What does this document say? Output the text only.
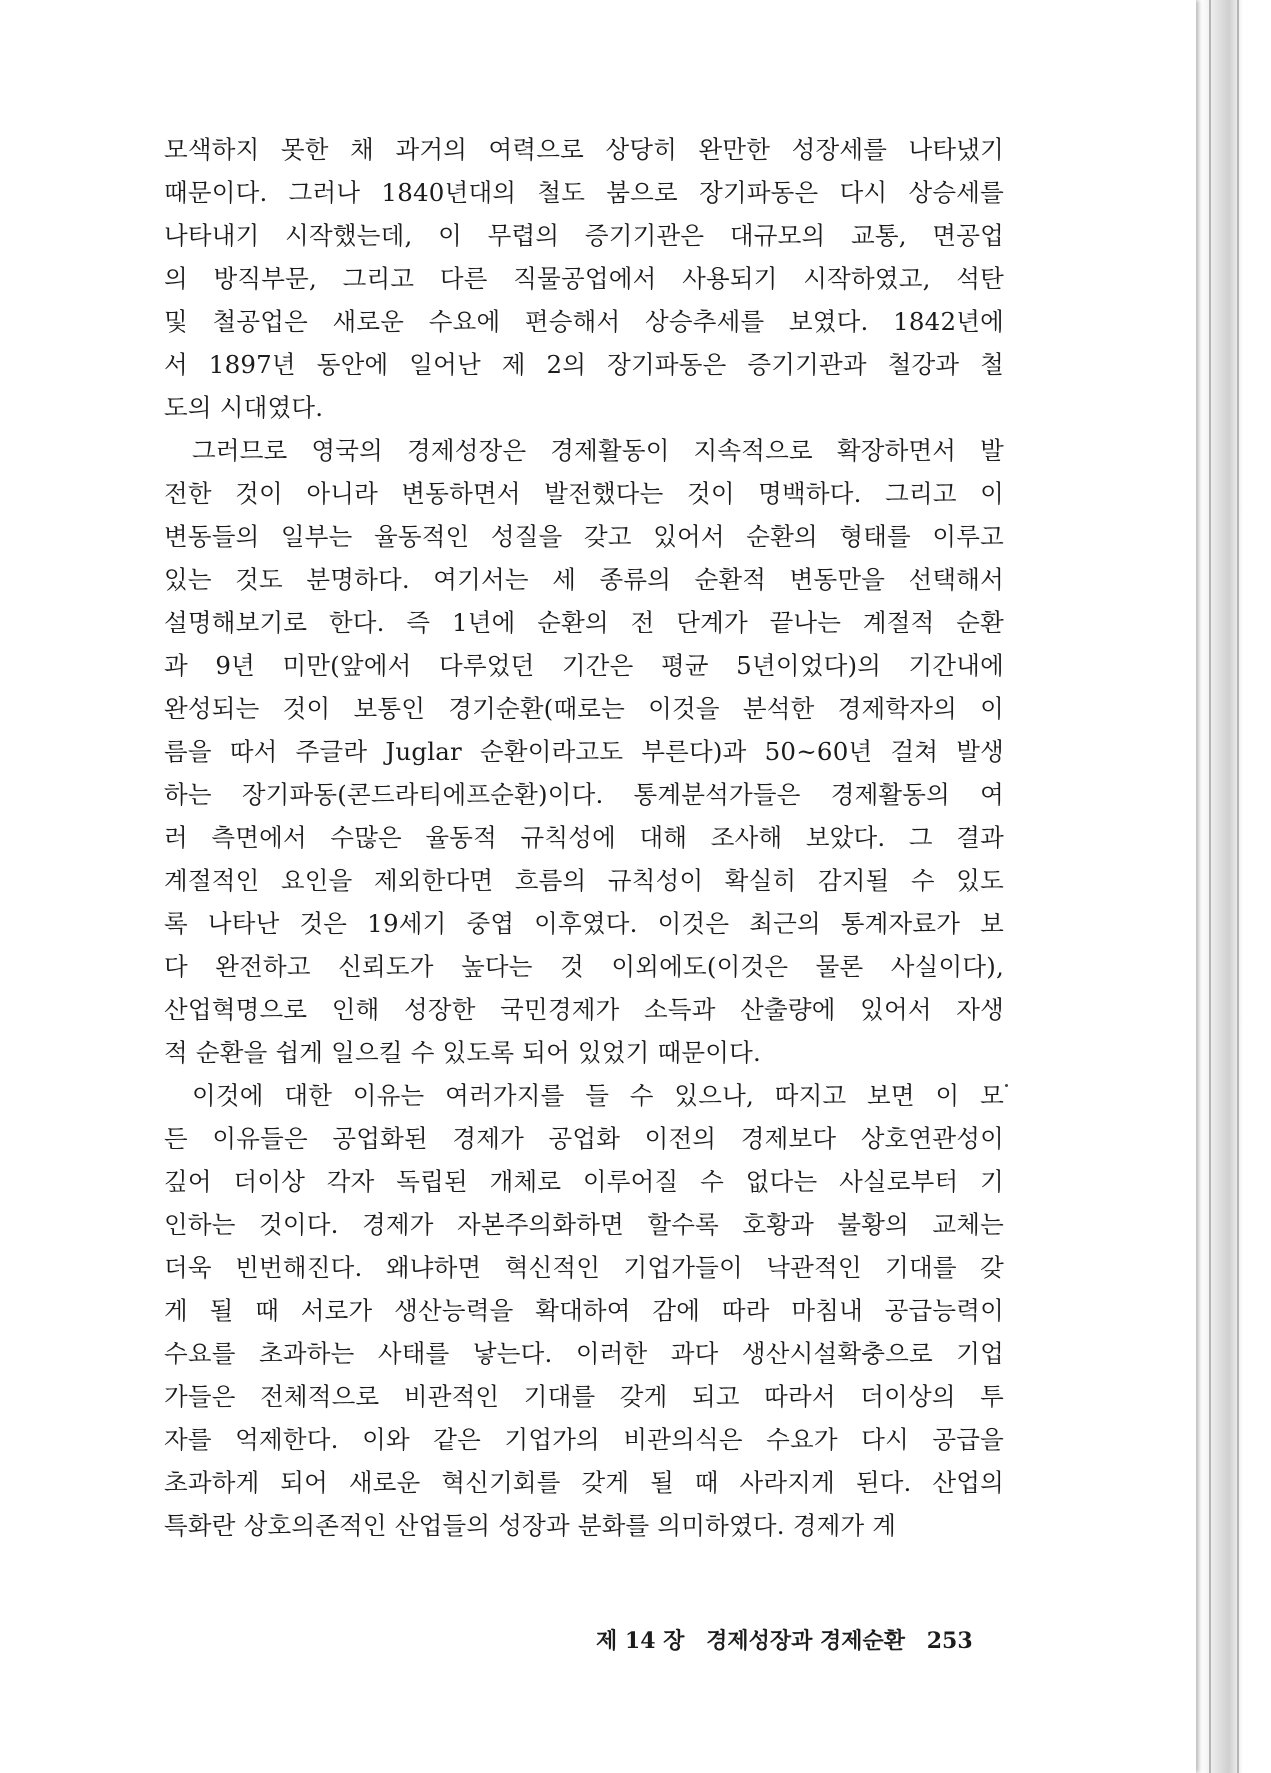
모색하지 못한 채 과거의 여력으로 상당히 완만한 성장세를 나타냈기
때문이다. 그러나 1840년대의 철도 붐으로 장기파동은 다시 상승세를
나타내기 시작했는데, 이 무렵의 증기기관은 대규모의 교통, 면공업
의 방직부문, 그리고 다른 직물공업에서 사용되기 시작하였고, 석탄
및 철공업은 새로운 수요에 편승해서 상승추세를 보였다. 1842년에
서 1897년 동안에 일어난 제 2의 장기파동은 증기기관과 철강과 철
도의 시대였다.
그러므로 영국의 경제성장은 경제활동이 지속적으로 확장하면서 발
전한 것이 아니라 변동하면서 발전했다는 것이 명백하다. 그리고 이
변동들의 일부는 율동적인 성질을 갖고 있어서 순환의 형태를 이루고
있는 것도 분명하다. 여기서는 세 종류의 순환적 변동만을 선택해서
설명해보기로 한다. 즉 1년에 순환의 전 단계가 끝나는 계절적 순환
과 9년 미만(앞에서 다루었던 기간은 평균 5년이었다)의 기간내에
완성되는 것이 보통인 경기순환(때로는 이것을 분석한 경제학자의 이
름을 따서 주글라 Juglar 순환이라고도 부른다)과 50~60년 걸쳐 발생
하는 장기파동(콘드라티에프순환)이다. 통계분석가들은 경제활동의 여
러 측면에서 수많은 율동적 규칙성에 대해 조사해 보았다. 그 결과
계절적인 요인을 제외한다면 흐름의 규칙성이 확실히 감지될 수 있도
록 나타난 것은 19세기 중엽 이후였다. 이것은 최근의 통계자료가 보
다 완전하고 신뢰도가 높다는 것 이외에도(이것은 물론 사실이다),
산업혁명으로 인해 성장한 국민경제가 소득과 산출량에 있어서 자생
적 순환을 쉽게 일으킬 수 있도록 되어 있었기 때문이다.
이것에 대한 이유는 여러가지를 들 수 있으나, 따지고 보면 이 모
든 이유들은 공업화된 경제가 공업화 이전의 경제보다 상호연관성이
깊어 더이상 각자 독립된 개체로 이루어질 수 없다는 사실로부터 기
인하는 것이다. 경제가 자본주의화하면 할수록 호황과 불황의 교체는
더욱 빈번해진다. 왜냐하면 혁신적인 기업가들이 낙관적인 기대를 갖
게 될 때 서로가 생산능력을 확대하여 감에 따라 마침내 공급능력이
수요를 초과하는 사태를 낳는다. 이러한 과다 생산시설확충으로 기업
가들은 전체적으로 비관적인 기대를 갖게 되고 따라서 더이상의 투
자를 억제한다. 이와 같은 기업가의 비관의식은 수요가 다시 공급을
초과하게 되어 새로운 혁신기회를 갖게 될 때 사라지게 된다. 산업의
특화란 상호의존적인 산업들의 성장과 분화를 의미하였다. 경제가 계
제 14 장 경제성장과 경제순환 253
